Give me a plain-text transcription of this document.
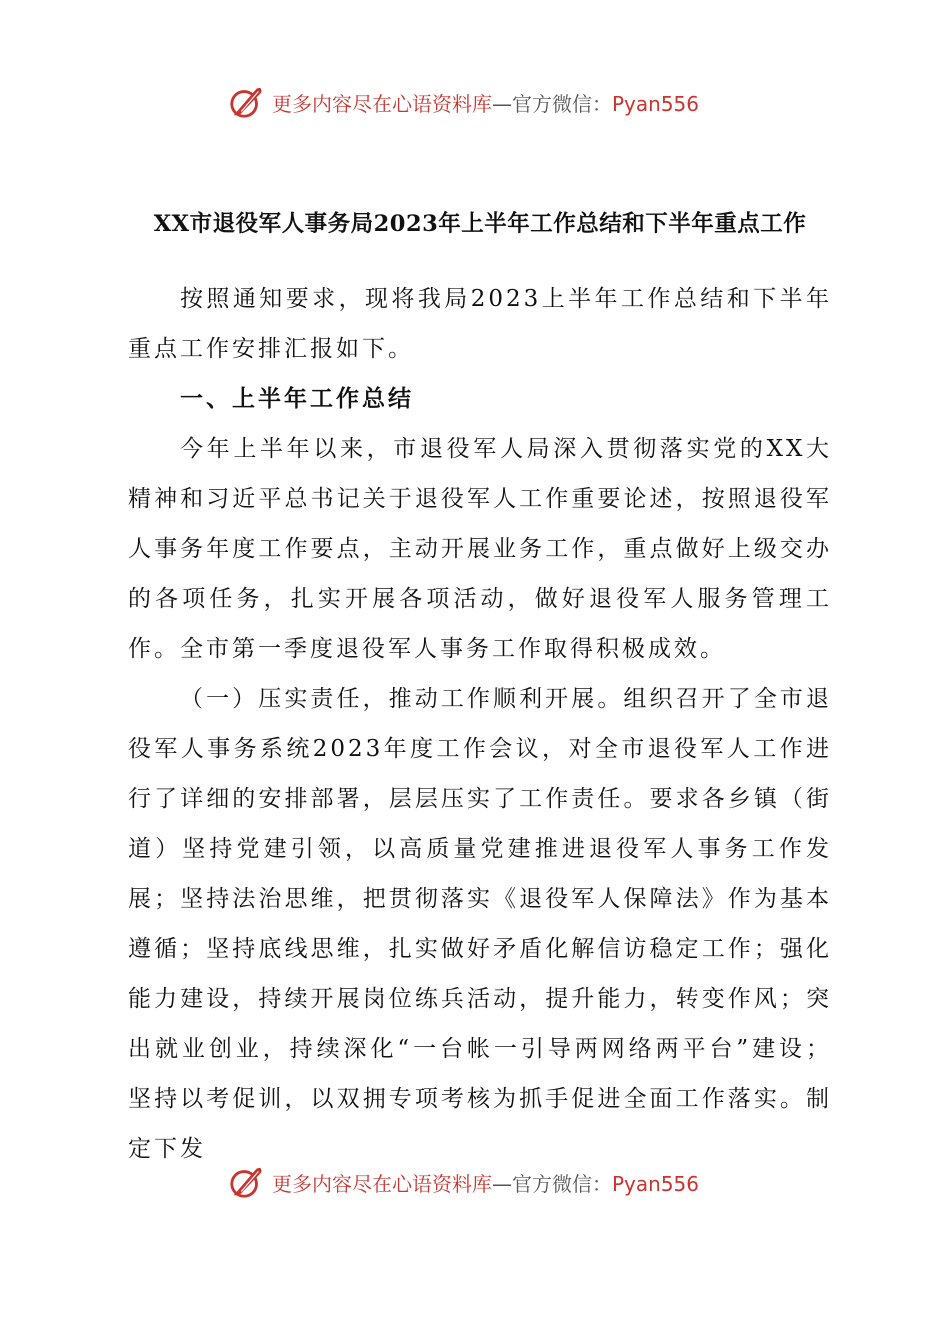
更多内容尽在心语资料库—官方微信：Pyan556
XX市退役军人事务局2023年上半年工作总结和下半年重点工作

按照通知要求，现将我局2023上半年工作总结和下半年重点工作安排汇报如下。

一、上半年工作总结

今年上半年以来，市退役军人局深入贯彻落实党的XX大精神和习近平总书记关于退役军人工作重要论述，按照退役军人事务年度工作要点，主动开展业务工作，重点做好上级交办的各项任务，扎实开展各项活动，做好退役军人服务管理工作。全市第一季度退役军人事务工作取得积极成效。

（一）压实责任，推动工作顺利开展。组织召开了全市退役军人事务系统2023年度工作会议，对全市退役军人工作进行了详细的安排部署，层层压实了工作责任。要求各乡镇（街道）坚持党建引领，以高质量党建推进退役军人事务工作发展；坚持法治思维，把贯彻落实《退役军人保障法》作为基本遵循；坚持底线思维，扎实做好矛盾化解信访稳定工作；强化能力建设，持续开展岗位练兵活动，提升能力，转变作风；突出就业创业，持续深化“一台帐一引导两网络两平台”建设；坚持以考促训，以双拥专项考核为抓手促进全面工作落实。制定下发

更多内容尽在心语资料库—官方微信：Pyan556
